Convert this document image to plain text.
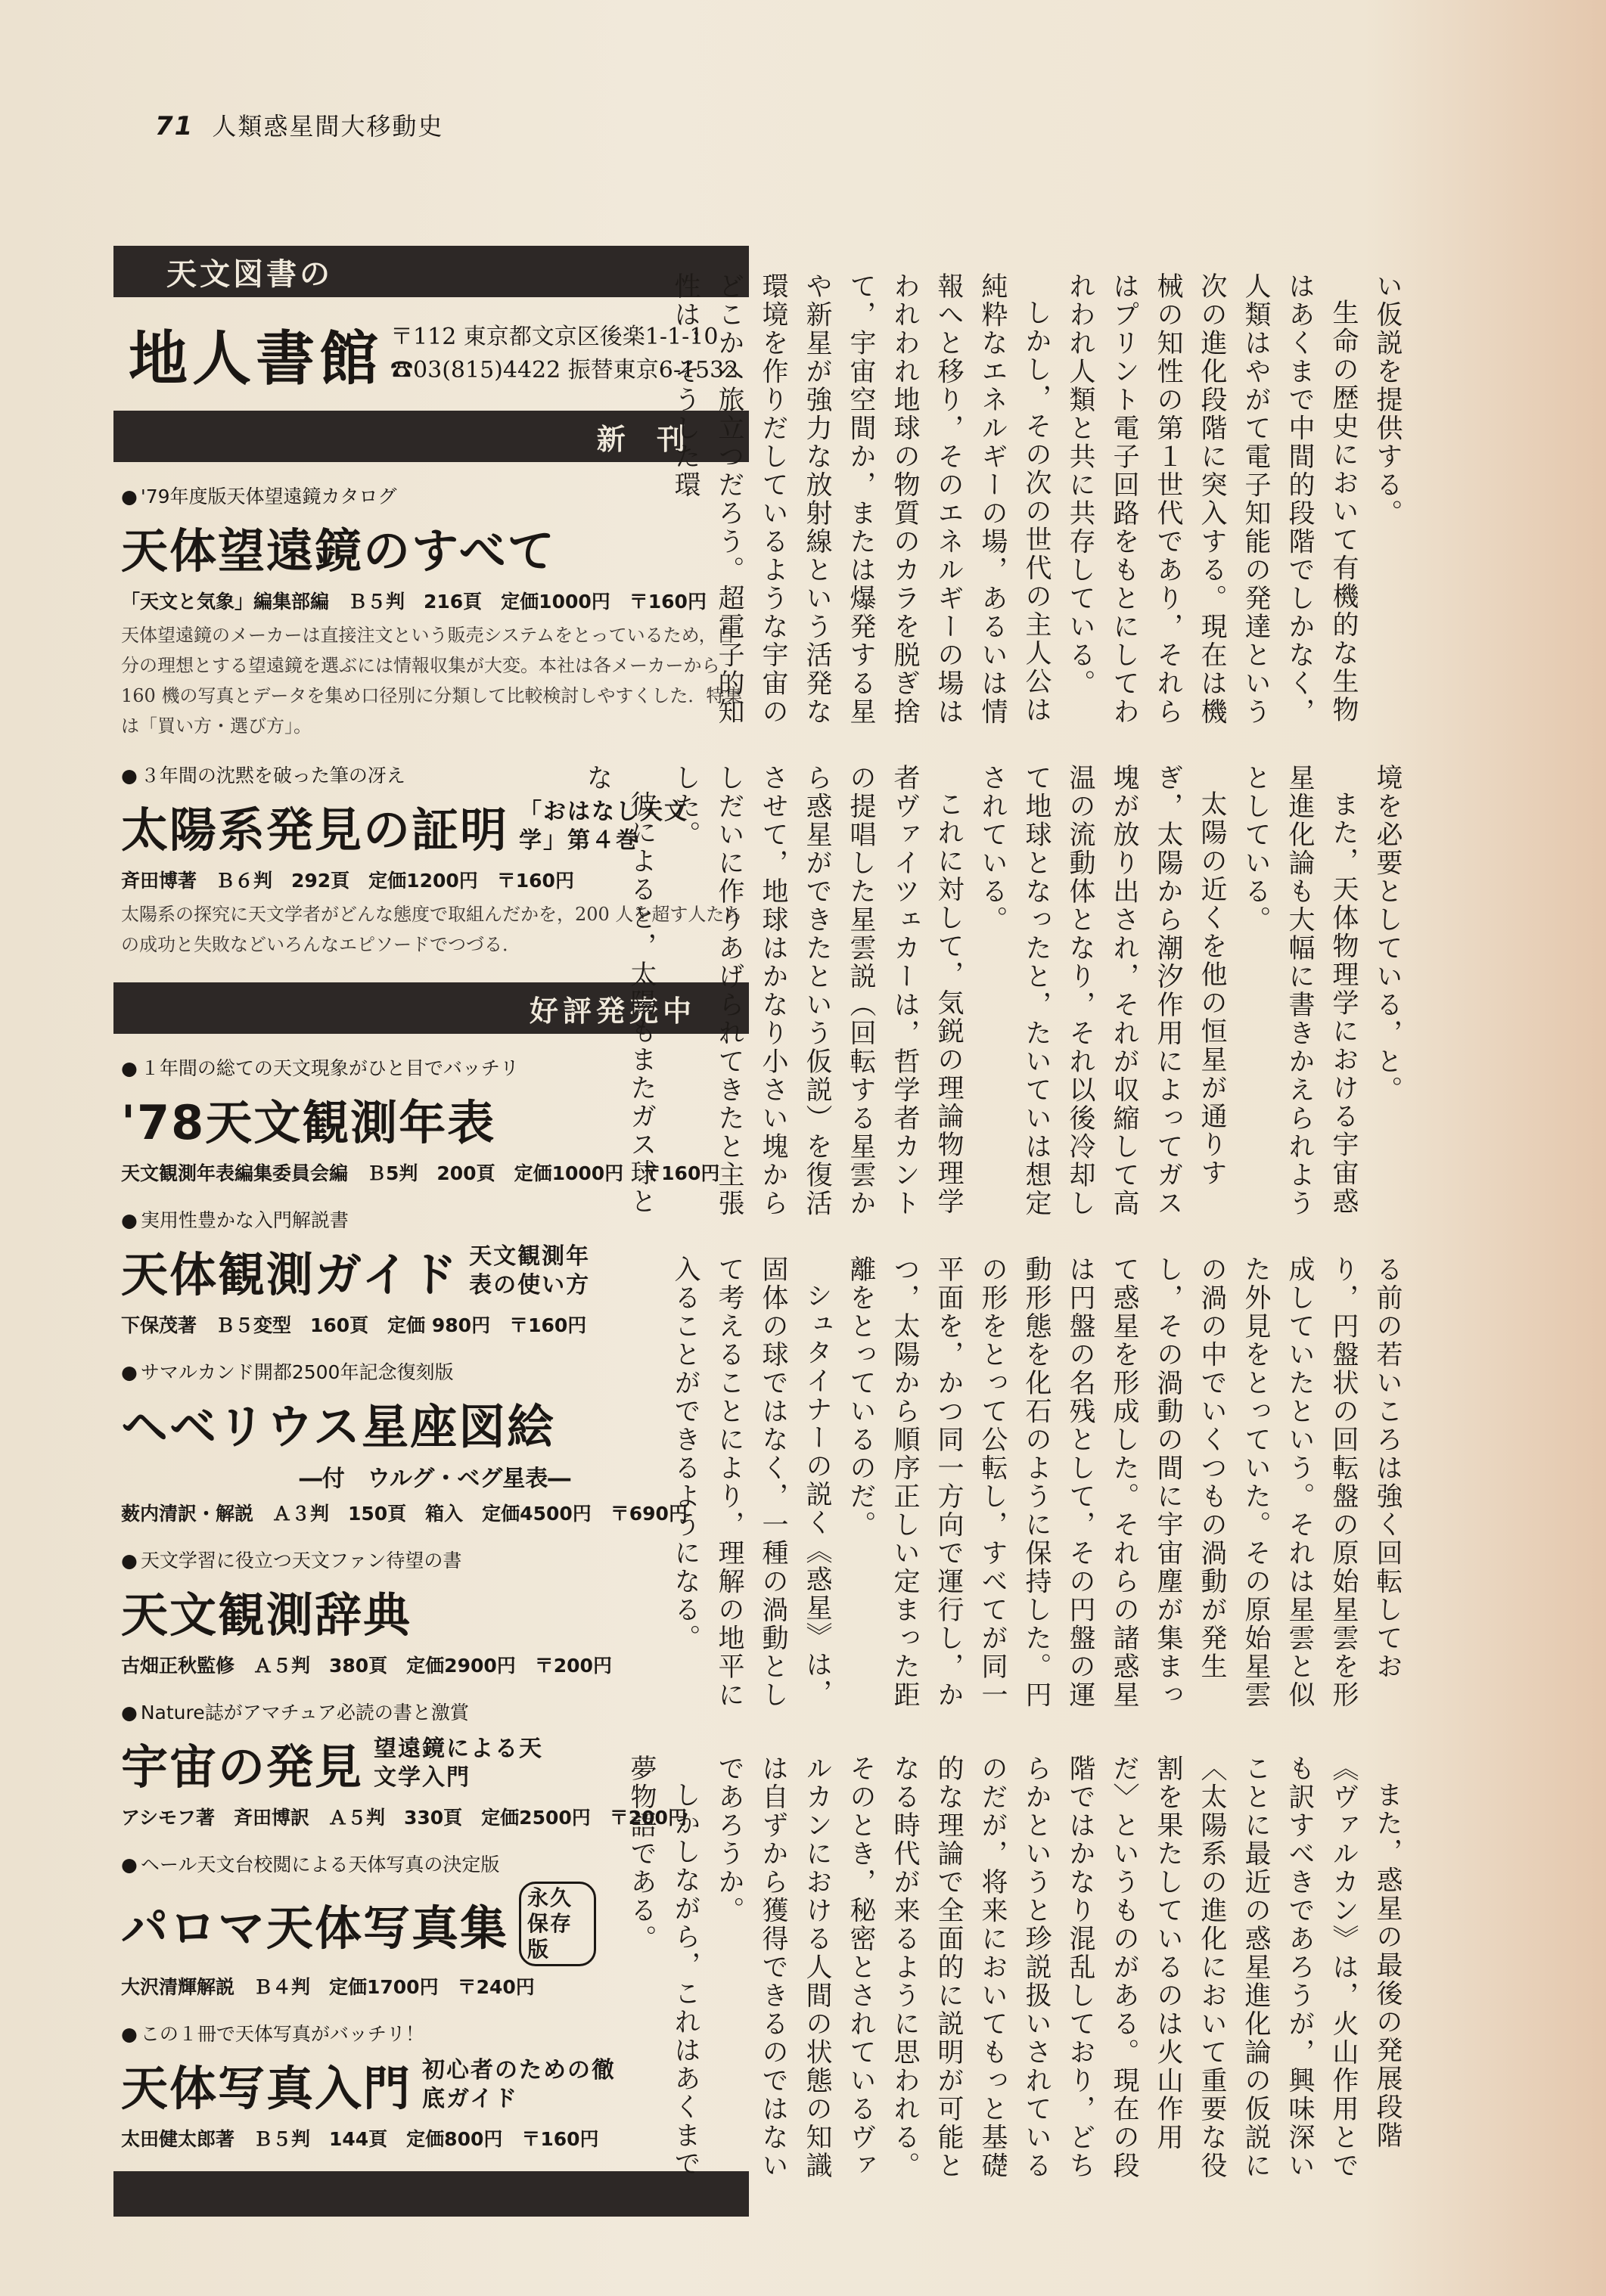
71 人類惑星間大移動史
天文図書の
地人書館 〒112 東京都文京区後楽1-1-10
☎03(815)4422 振替東京6-1532
新 刊
● '79年度版天体望遠鏡カタログ
天体望遠鏡のすべて
「天文と気象」編集部編　Ｂ５判　216頁　定価1000円　〒160円
天体望遠鏡のメーカーは直接注文という販売システムをとっているため，自分の理想とする望遠鏡を選ぶには情報収集が大変。本社は各メーカーから 160 機の写真とデータを集め口径別に分類して比較検討しやすくした．特集は「買い方・選び方」。
● ３年間の沈黙を破った筆の冴え
太陽系発見の証明 「おはなし天文学」第４巻
斉田博著　Ｂ６判　292頁　定価1200円　〒160円
太陽系の探究に天文学者がどんな態度で取組んだかを，200 人を超す人たちの成功と失敗などいろんなエピソードでつづる．
好評発売中
● １年間の総ての天文現象がひと目でバッチリ
'78天文観測年表
天文観測年表編集委員会編　Ｂ5判　200頁　定価1000円　〒160円
● 実用性豊かな入門解説書
天体観測ガイド 天文観測年表の使い方
下保茂著　Ｂ５変型　160頁　定価 980円　〒160円
● サマルカンド開都2500年記念復刻版
ヘベリウス星座図絵
―付　ウルグ・ベグ星表―
薮内清訳・解説　Ａ３判　150頁　箱入　定価4500円　〒690円
● 天文学習に役立つ天文ファン待望の書
天文観測辞典
古畑正秋監修　Ａ５判　380頁　定価2900円　〒200円
● Nature誌がアマチュア必読の書と激賞
宇宙の発見 望遠鏡による天文学入門
アシモフ著　斉田博訳　Ａ５判　330頁　定価2500円　〒200円
● ヘール天文台校閲による天体写真の決定版
パロマ天体写真集
永久保存版
大沢清輝解説　Ｂ４判　定価1700円　〒240円
● この１冊で天体写真がバッチリ！
天体写真入門 初心者のための徹底ガイド
太田健太郎著　Ｂ５判　144頁　定価800円　〒160円

い仮説を提供する。

生命の歴史において有機的な生物はあくまで中間的段階でしかなく，人類はやがて電子知能の発達という次の進化段階に突入する。現在は機械の知性の第１世代であり，それらはプリント電子回路をもとにしてわれわれ人類と共に共存している。

しかし，その次の世代の主人公は純粋なエネルギーの場，あるいは情報へと移り，そのエネルギーの場はわれわれ地球の物質のカラを脱ぎ捨て，宇宙空間か，または爆発する星や新星が強力な放射線という活発な環境を作りだしているような宇宙のどこかへ旅立つだろう。超電子的知性は，そうした環

境を必要としている，と。

また，天体物理学における宇宙惑星進化論も大幅に書きかえられようとしている。

太陽の近くを他の恒星が通りすぎ，太陽から潮汐作用によってガス塊が放り出され，それが収縮して高温の流動体となり，それ以後冷却して地球となったと，たいていは想定されている。

これに対して，気鋭の理論物理学者ヴァイツェカーは，哲学者カントの提唱した星雲説（回転する星雲から惑星ができたという仮説）を復活させて，地球はかなり小さい塊からしだいに作りあげられてきたと主張した。

彼によると，太陽もまたガス球とな

る前の若いころは強く回転しており，円盤状の回転盤の原始星雲を形成していたという。それは星雲と似た外見をとっていた。その原始星雲の渦の中でいくつもの渦動が発生し，その渦動の間に宇宙塵が集まって惑星を形成した。それらの諸惑星は円盤の名残として，その円盤の運動形態を化石のように保持した。円の形をとって公転し，すべてが同一平面を，かつ同一方向で運行し，かつ，太陽から順序正しい定まった距離をとっているのだ。

シュタイナーの説く《惑星》は，固体の球ではなく，一種の渦動として考えることにより，理解の地平に入ることができるようになる。

また，惑星の最後の発展段階《ヴァルカン》は，火山作用とでも訳すべきであろうが，興味深いことに最近の惑星進化論の仮説に〈太陽系の進化において重要な役割を果たしているのは火山作用だ〉というものがある。現在の段階ではかなり混乱しており，どちらかというと珍説扱いされているのだが，将来においてもっと基礎的な理論で全面的に説明が可能となる時代が来るように思われる。そのとき，秘密とされているヴァルカンにおける人間の状態の知識は自ずから獲得できるのではないであろうか。

しかしながら，これはあくまで夢物語である。
